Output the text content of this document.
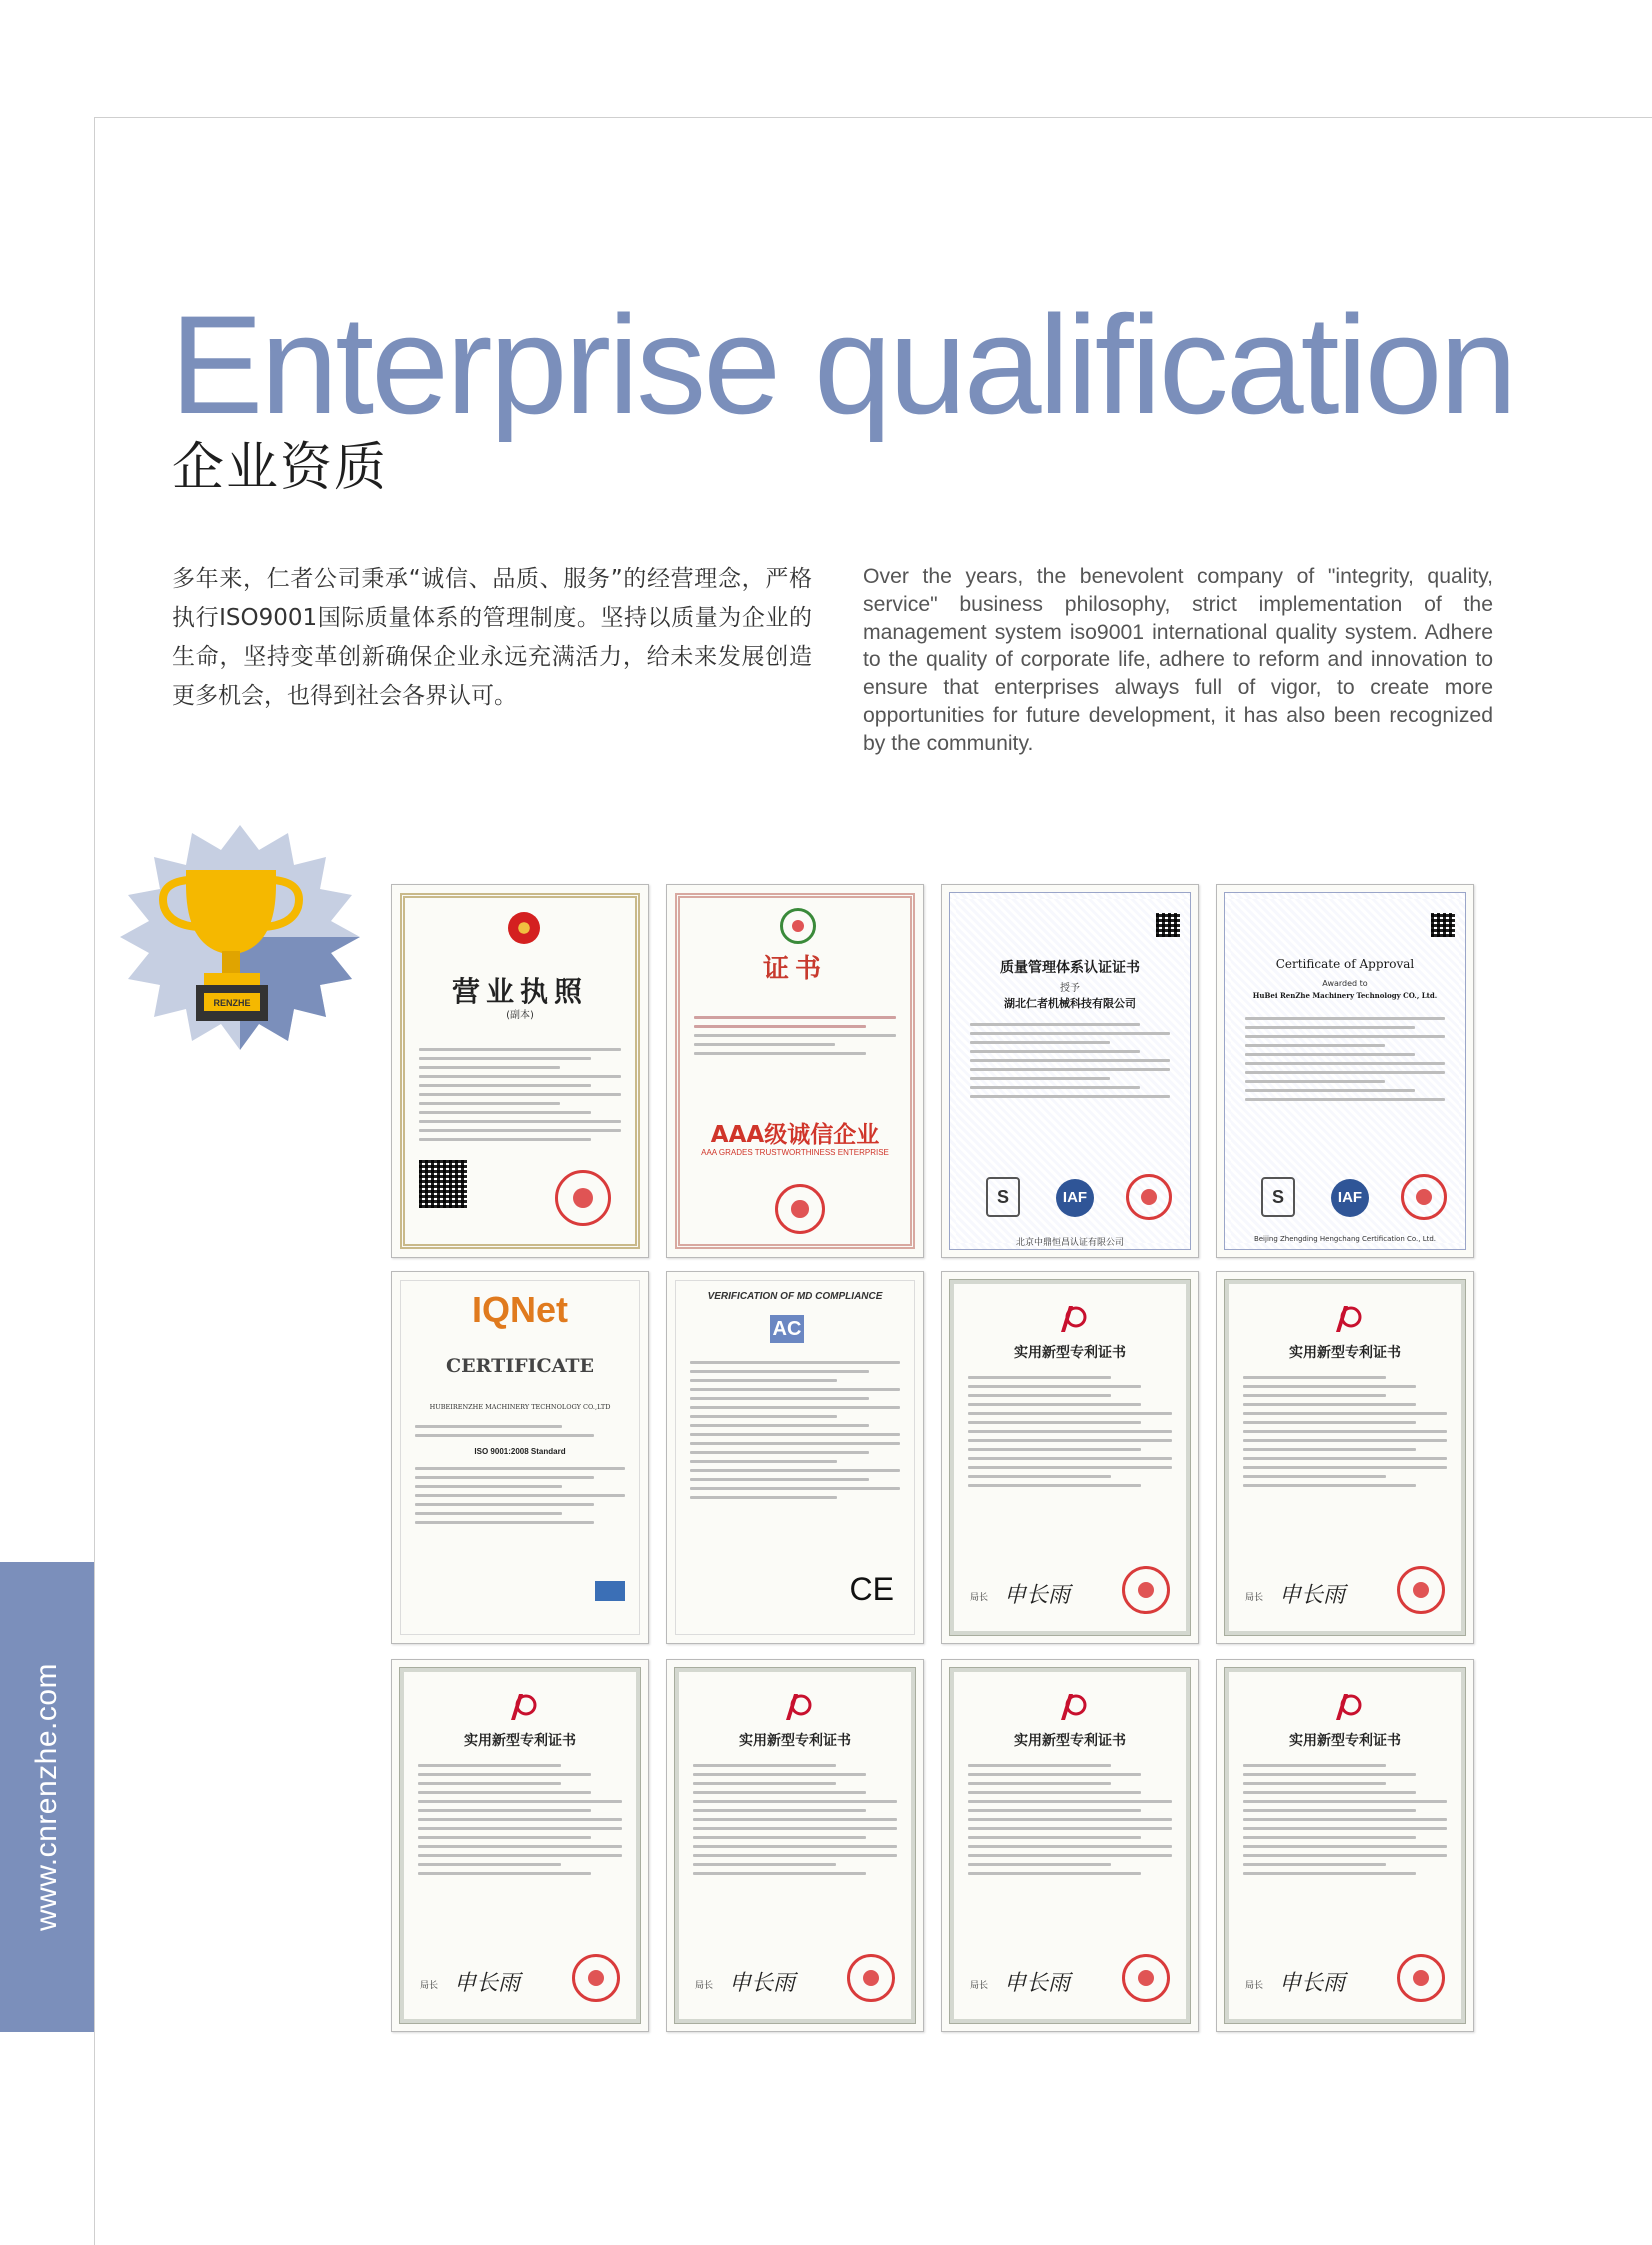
Enterprise qualification
企业资质

多年来，仁者公司秉承“诚信、品质、服务”的经营理念，严格执行ISO9001国际质量体系的管理制度。坚持以质量为企业的生命，坚持变革创新确保企业永远充满活力，给未来发展创造更多机会，也得到社会各界认可。

Over the years, the benevolent company of "integrity, quality, service" business philosophy, strict implementation of the management system iso9001 international quality system. Adhere to the quality of corporate life, adhere to reform and innovation to ensure that enterprises always full of vigor, to create more opportunities for future development, it has also been recognized by the community.

RENZHE
www.cnrenzhe.com

营业执照

(副本)

证书

AAA级诚信企业

AAA GRADES TRUSTWORTHINESS ENTERPRISE

质量管理体系认证证书

授予

湖北仁者机械科技有限公司

S	IAF

北京中鼎恒昌认证有限公司

Certificate of Approval

Awarded to

HuBei RenZhe Machinery Technology CO., Ltd.

S	IAF

Beijing Zhengding Hengchang Certification Co., Ltd.

IQNet

CERTIFICATE

HUBEIRENZHE MACHINERY TECHNOLOGY CO.,LTD

ISO 9001:2008 Standard

VERIFICATION OF MD COMPLIANCE

AC
CE

实用新型专利证书

局长 申长雨

实用新型专利证书

局长 申长雨

实用新型专利证书

局长 申长雨

实用新型专利证书

局长 申长雨

实用新型专利证书

局长 申长雨

实用新型专利证书

局长 申长雨
